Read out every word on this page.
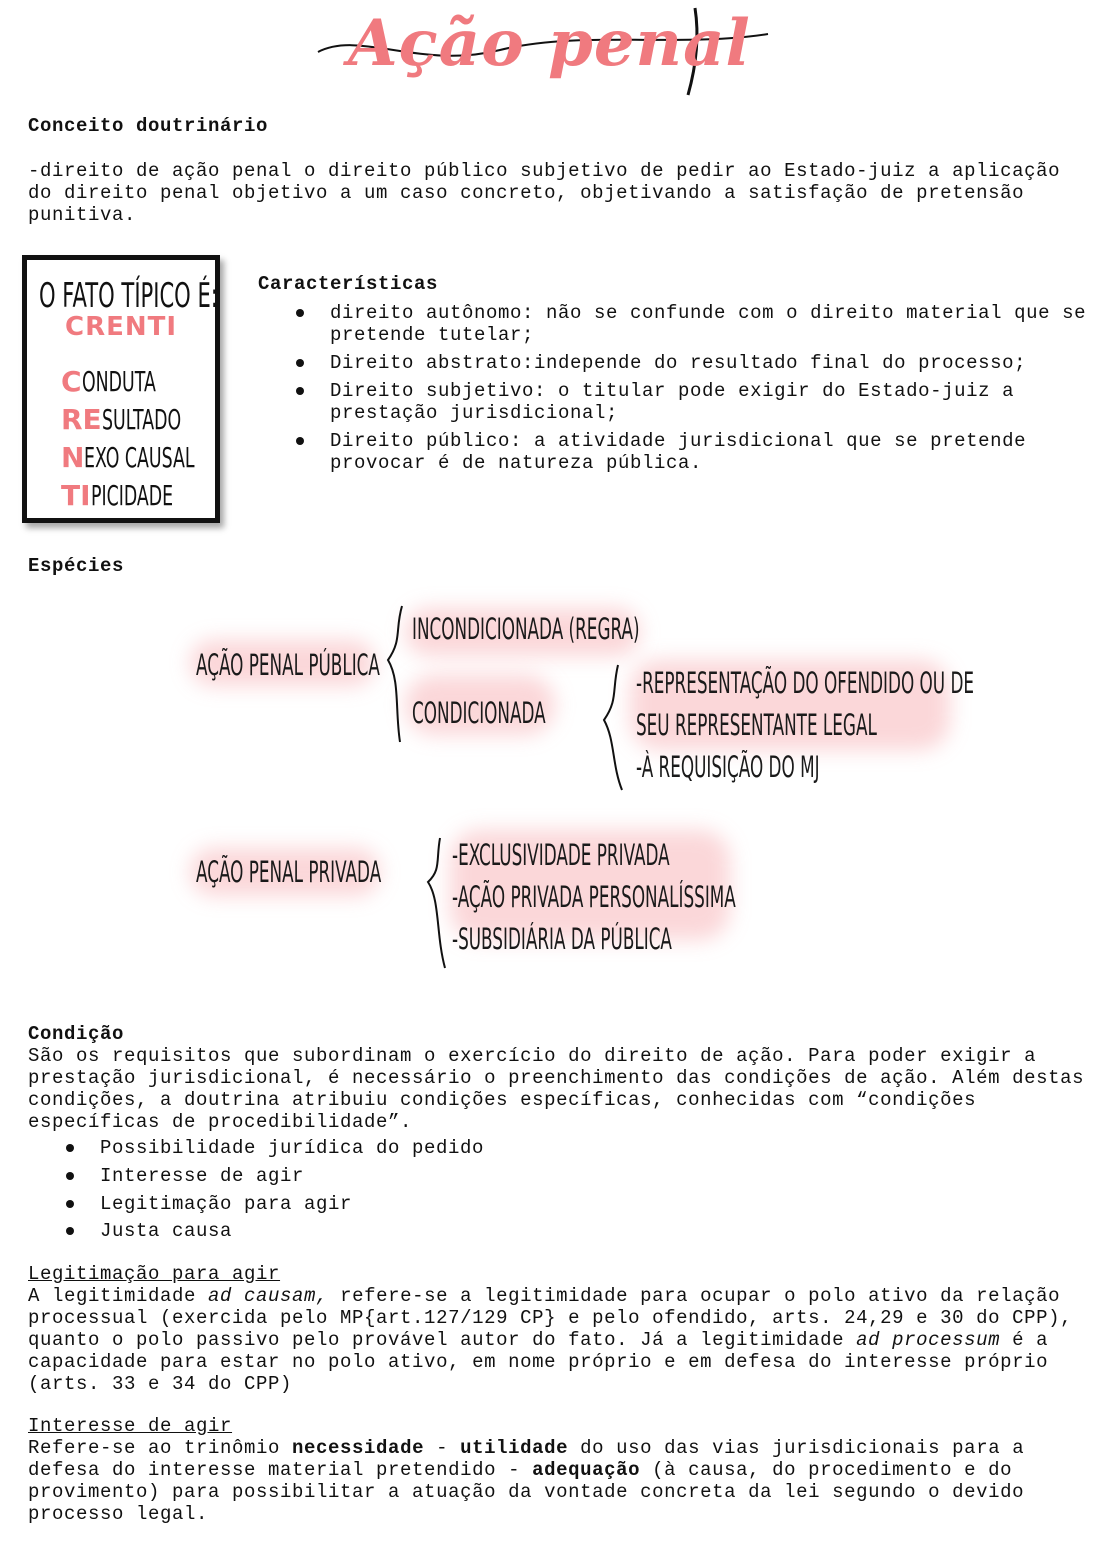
Ação penal
Conceito doutrinário
-direito de ação penal o direito público subjetivo de pedir ao Estado-juiz a aplicação do direito penal objetivo a um caso concreto, objetivando a satisfação de pretensão punitiva.
O FATO TÍPICO É:
CRENTI
CONDUTA
RESULTADO
NEXO CAUSAL
TIPICIDADE
Características
direito autônomo: não se confunde com o direito material que se pretende tutelar;
Direito abstrato:independe do resultado final do processo;
Direito subjetivo: o titular pode exigir do Estado-juiz a prestação jurisdicional;
Direito público: a atividade jurisdicional que se pretende provocar é de natureza pública.
Espécies
AÇÃO PENAL PÚBLICA
INCONDICIONADA (REGRA)
CONDICIONADA
-REPRESENTAÇÃO DO OFENDIDO OU DE
SEU REPRESENTANTE LEGAL
-À REQUISIÇÃO DO MJ
AÇÃO PENAL PRIVADA -EXCLUSIVIDADE PRIVADA
-AÇÃO PRIVADA PERSONALÍSSIMA
-SUBSIDIÁRIA DA PÚBLICA
Condição
São os requisitos que subordinam o exercício do direito de ação. Para poder exigir a prestação jurisdicional, é necessário o preenchimento das condições de ação. Além destas condições, a doutrina atribuiu condições específicas, conhecidas com “condições específicas de procedibilidade”.
Possibilidade jurídica do pedido
Interesse de agir
Legitimação para agir
Justa causa
Legitimação para agir
A legitimidade ad causam, refere-se a legitimidade para ocupar o polo ativo da relação processual (exercida pelo MP{art.127/129 CP} e pelo ofendido, arts. 24,29 e 30 do CPP), quanto o polo passivo pelo provável autor do fato. Já a legitimidade ad processum é a capacidade para estar no polo ativo, em nome próprio e em defesa do interesse próprio (arts. 33 e 34 do CPP)
Interesse de agir
Refere-se ao trinômio necessidade - utilidade do uso das vias jurisdicionais para a defesa do interesse material pretendido - adequação (à causa, do procedimento e do provimento) para possibilitar a atuação da vontade concreta da lei segundo o devido processo legal.
